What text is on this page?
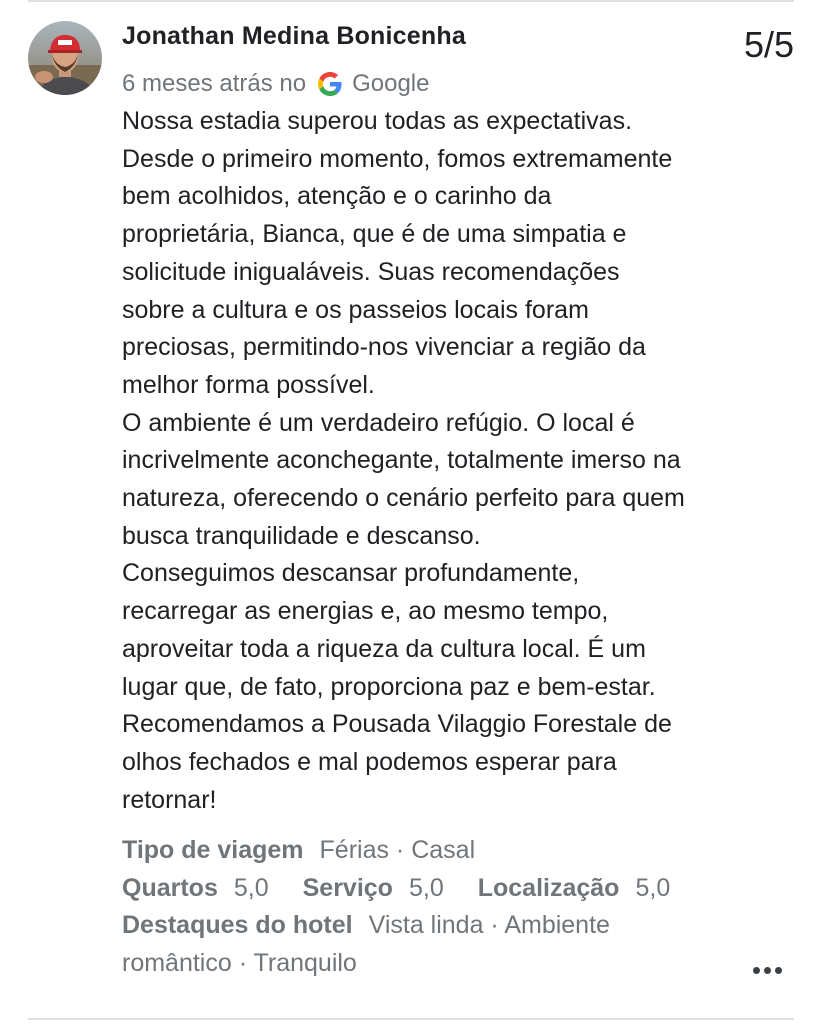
Jonathan Medina Bonicenha	5/5
6 meses atrás no Google
Nossa estadia superou todas as expectativas.
Desde o primeiro momento, fomos extremamente
bem acolhidos, atenção e o carinho da
proprietária, Bianca, que é de uma simpatia e
solicitude inigualáveis. Suas recomendações
sobre a cultura e os passeios locais foram
preciosas, permitindo-nos vivenciar a região da
melhor forma possível.
O ambiente é um verdadeiro refúgio. O local é
incrivelmente aconchegante, totalmente imerso na
natureza, oferecendo o cenário perfeito para quem
busca tranquilidade e descanso.
Conseguimos descansar profundamente,
recarregar as energias e, ao mesmo tempo,
aproveitar toda a riqueza da cultura local. É um
lugar que, de fato, proporciona paz e bem-estar.
Recomendamos a Pousada Vilaggio Forestale de
olhos fechados e mal podemos esperar para
retornar!
Tipo de viagem Férias · Casal
Quartos 5,0 Serviço 5,0 Localização 5,0
Destaques do hotel Vista linda · Ambiente
romântico · Tranquilo
